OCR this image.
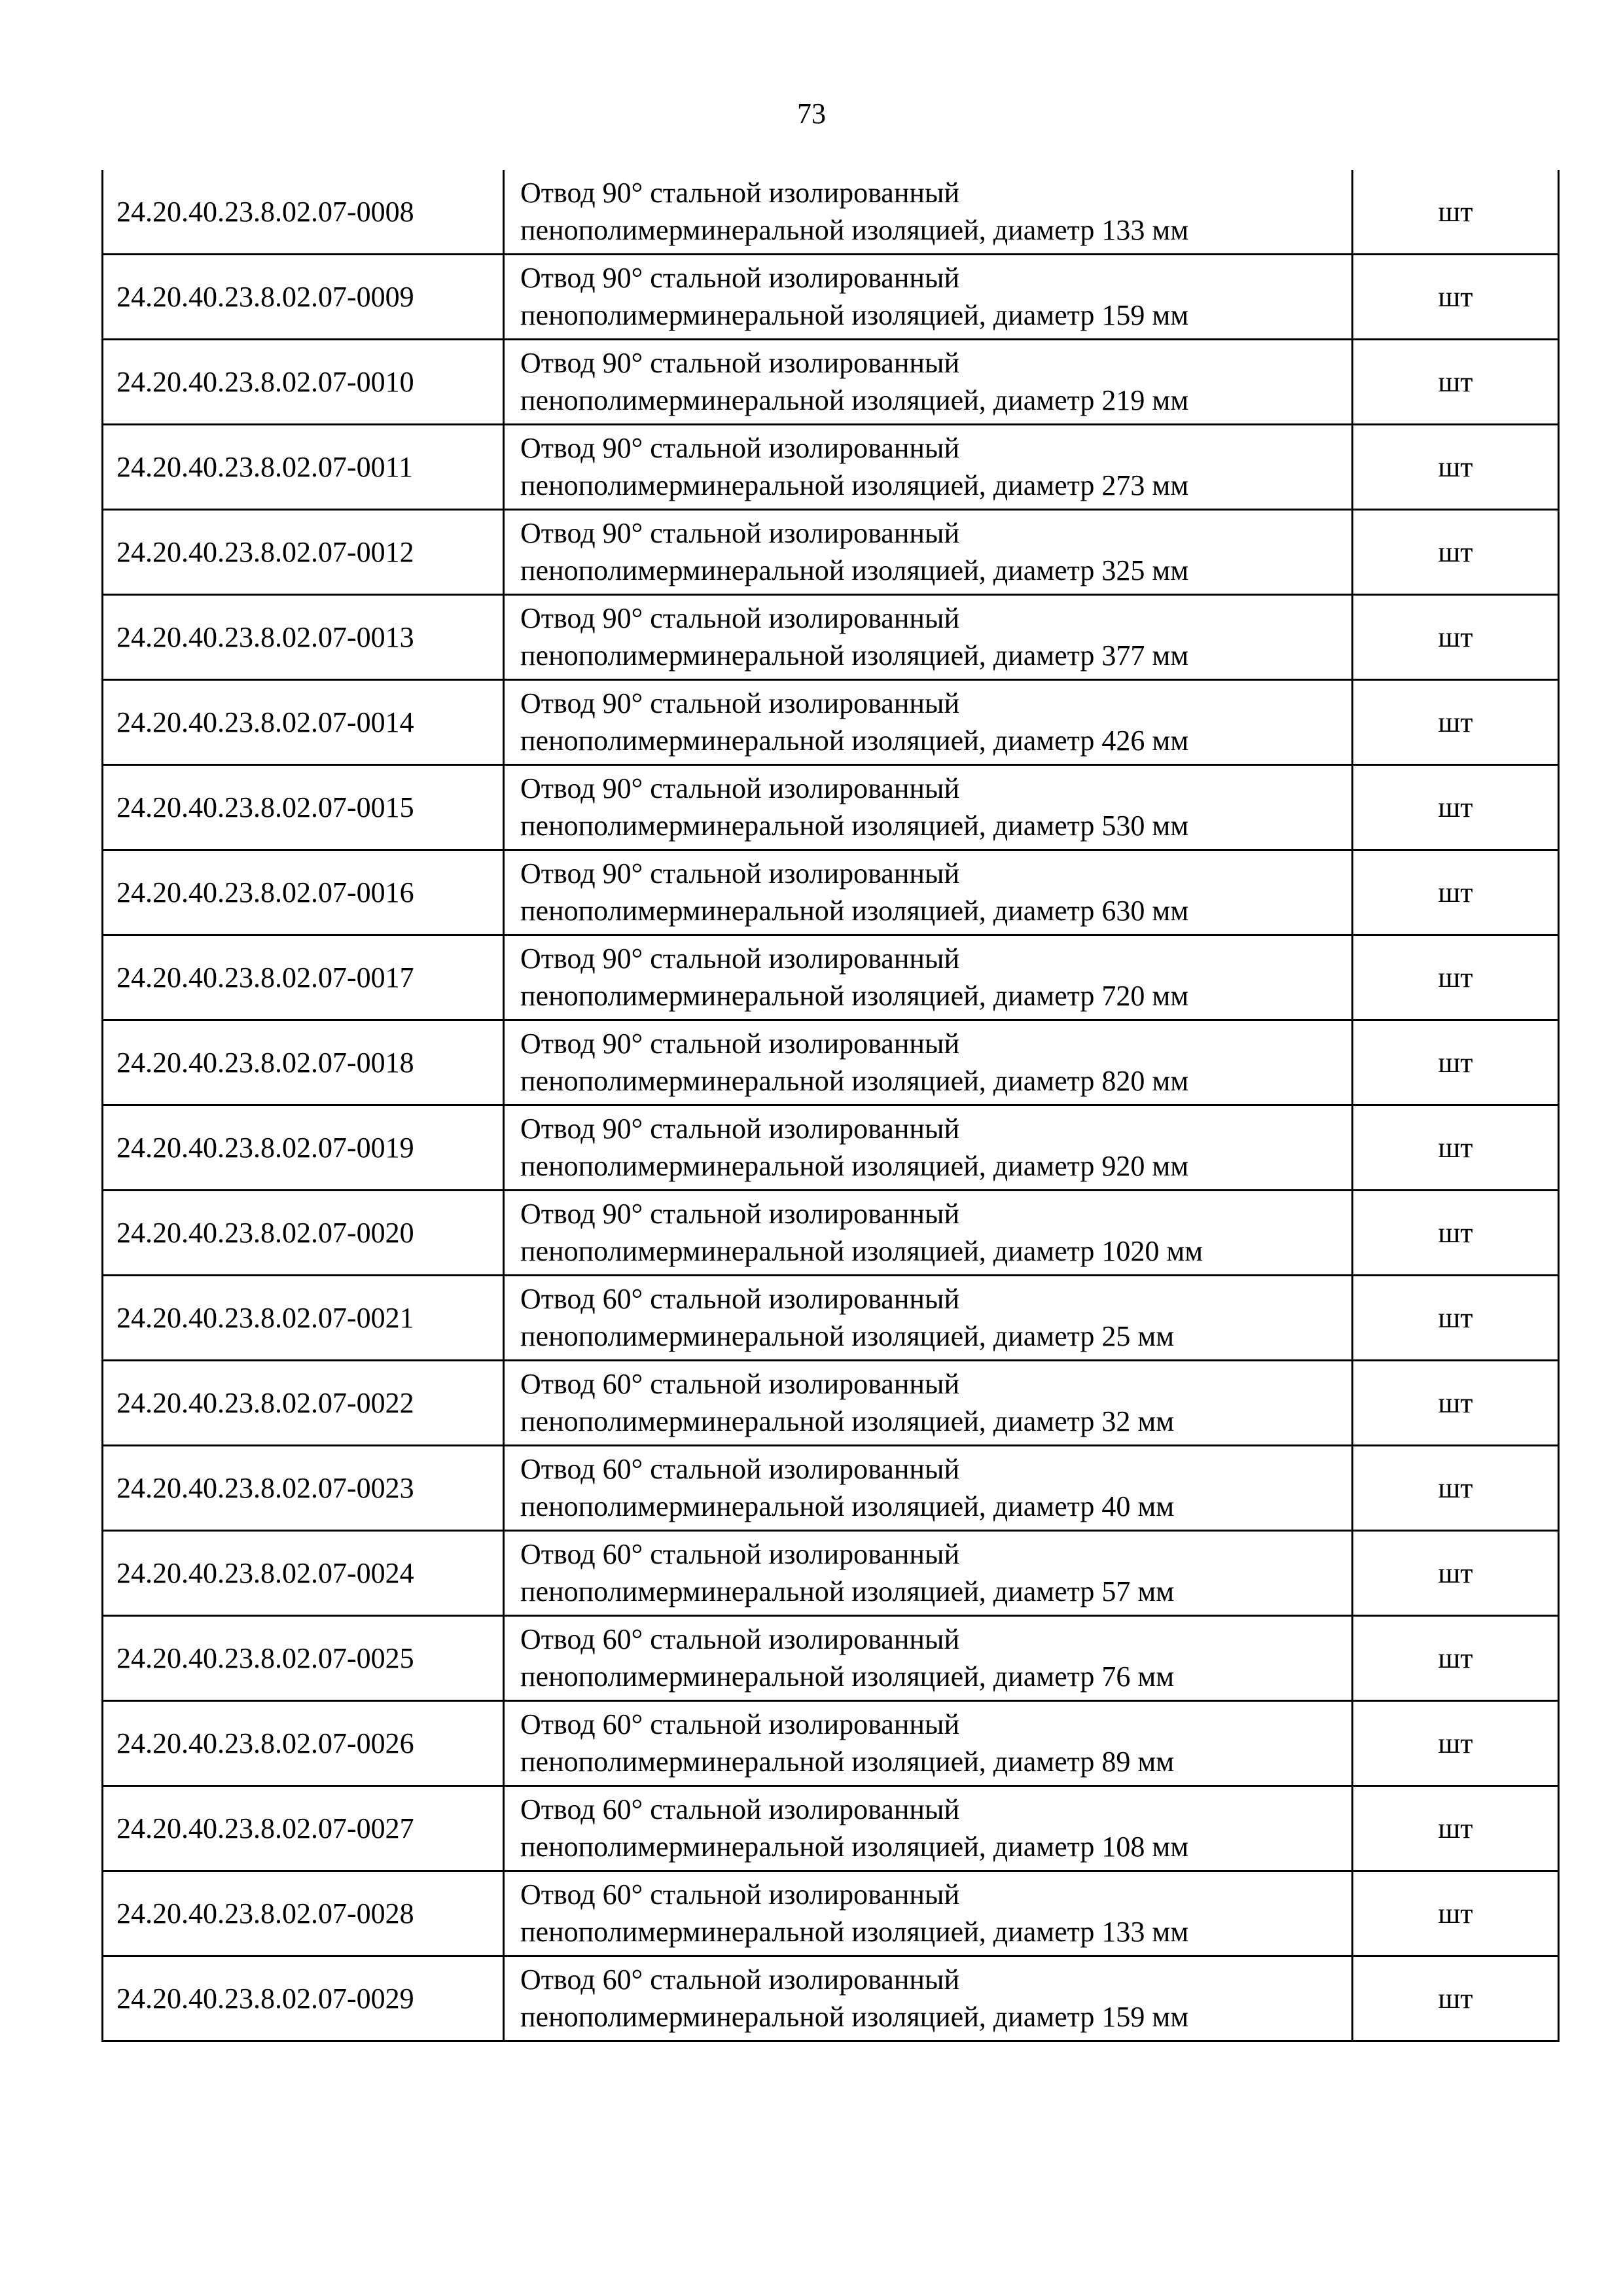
73
24.20.40.23.8.02.07-0008	Отвод 90° стальной изолированный
пенополимерминеральной изоляцией, диаметр 133 мм	шт
24.20.40.23.8.02.07-0009	Отвод 90° стальной изолированный
пенополимерминеральной изоляцией, диаметр 159 мм	шт
24.20.40.23.8.02.07-0010	Отвод 90° стальной изолированный
пенополимерминеральной изоляцией, диаметр 219 мм	шт
24.20.40.23.8.02.07-0011	Отвод 90° стальной изолированный
пенополимерминеральной изоляцией, диаметр 273 мм	шт
24.20.40.23.8.02.07-0012	Отвод 90° стальной изолированный
пенополимерминеральной изоляцией, диаметр 325 мм	шт
24.20.40.23.8.02.07-0013	Отвод 90° стальной изолированный
пенополимерминеральной изоляцией, диаметр 377 мм	шт
24.20.40.23.8.02.07-0014	Отвод 90° стальной изолированный
пенополимерминеральной изоляцией, диаметр 426 мм	шт
24.20.40.23.8.02.07-0015	Отвод 90° стальной изолированный
пенополимерминеральной изоляцией, диаметр 530 мм	шт
24.20.40.23.8.02.07-0016	Отвод 90° стальной изолированный
пенополимерминеральной изоляцией, диаметр 630 мм	шт
24.20.40.23.8.02.07-0017	Отвод 90° стальной изолированный
пенополимерминеральной изоляцией, диаметр 720 мм	шт
24.20.40.23.8.02.07-0018	Отвод 90° стальной изолированный
пенополимерминеральной изоляцией, диаметр 820 мм	шт
24.20.40.23.8.02.07-0019	Отвод 90° стальной изолированный
пенополимерминеральной изоляцией, диаметр 920 мм	шт
24.20.40.23.8.02.07-0020	Отвод 90° стальной изолированный
пенополимерминеральной изоляцией, диаметр 1020 мм	шт
24.20.40.23.8.02.07-0021	Отвод 60° стальной изолированный
пенополимерминеральной изоляцией, диаметр 25 мм	шт
24.20.40.23.8.02.07-0022	Отвод 60° стальной изолированный
пенополимерминеральной изоляцией, диаметр 32 мм	шт
24.20.40.23.8.02.07-0023	Отвод 60° стальной изолированный
пенополимерминеральной изоляцией, диаметр 40 мм	шт
24.20.40.23.8.02.07-0024	Отвод 60° стальной изолированный
пенополимерминеральной изоляцией, диаметр 57 мм	шт
24.20.40.23.8.02.07-0025	Отвод 60° стальной изолированный
пенополимерминеральной изоляцией, диаметр 76 мм	шт
24.20.40.23.8.02.07-0026	Отвод 60° стальной изолированный
пенополимерминеральной изоляцией, диаметр 89 мм	шт
24.20.40.23.8.02.07-0027	Отвод 60° стальной изолированный
пенополимерминеральной изоляцией, диаметр 108 мм	шт
24.20.40.23.8.02.07-0028	Отвод 60° стальной изолированный
пенополимерминеральной изоляцией, диаметр 133 мм	шт
24.20.40.23.8.02.07-0029	Отвод 60° стальной изолированный
пенополимерминеральной изоляцией, диаметр 159 мм	шт
